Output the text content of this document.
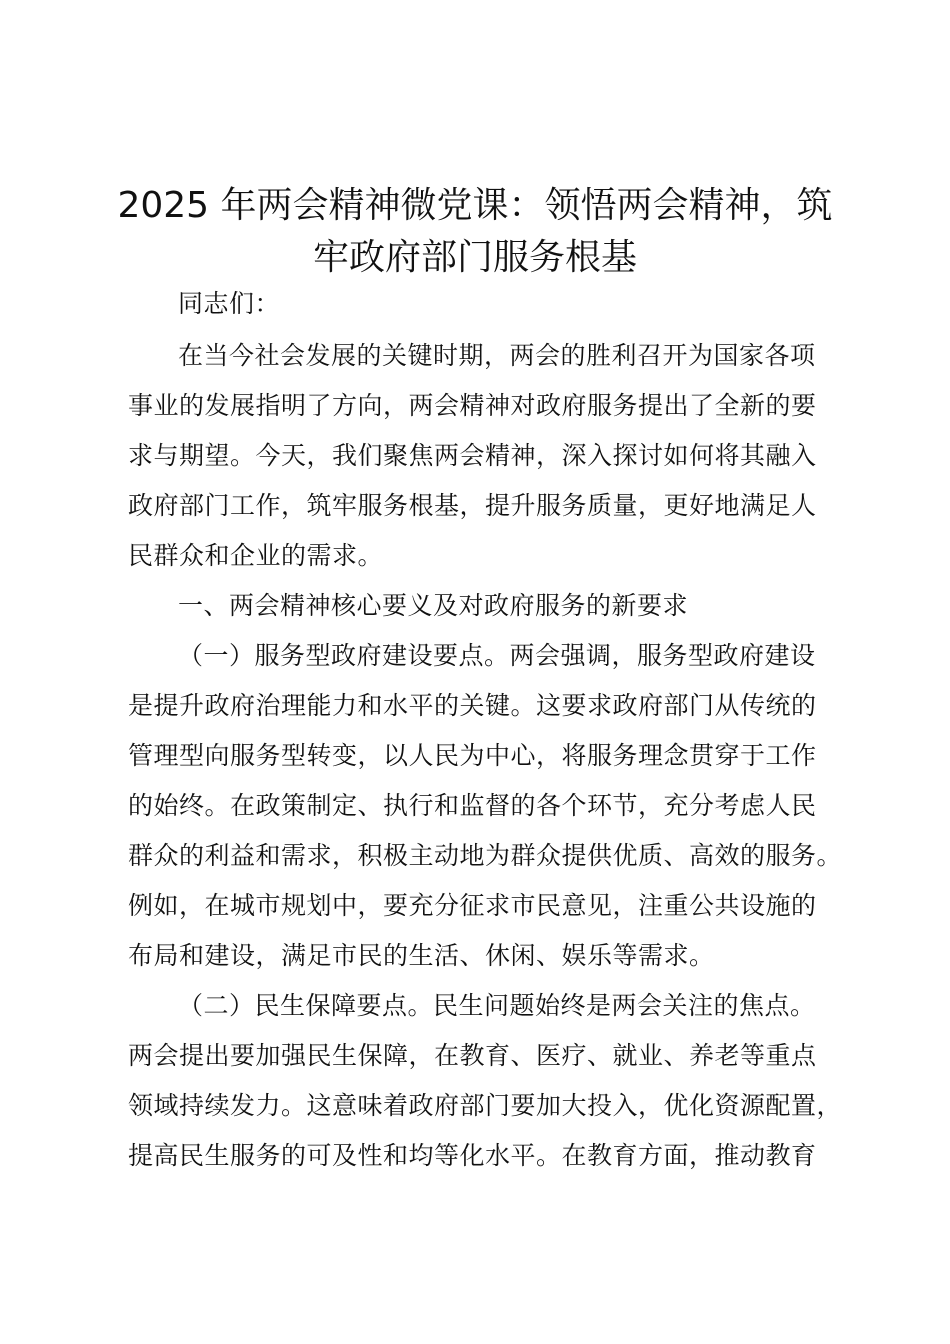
2025 年两会精神微党课：领悟两会精神，筑
牢政府部门服务根基
同志们：
在当今社会发展的关键时期，两会的胜利召开为国家各项
事业的发展指明了方向，两会精神对政府服务提出了全新的要
求与期望。今天，我们聚焦两会精神，深入探讨如何将其融入
政府部门工作，筑牢服务根基，提升服务质量，更好地满足人
民群众和企业的需求。
一、两会精神核心要义及对政府服务的新要求
（一）服务型政府建设要点。两会强调，服务型政府建设
是提升政府治理能力和水平的关键。这要求政府部门从传统的
管理型向服务型转变，以人民为中心，将服务理念贯穿于工作
的始终。在政策制定、执行和监督的各个环节，充分考虑人民
群众的利益和需求，积极主动地为群众提供优质、高效的服务。
例如，在城市规划中，要充分征求市民意见，注重公共设施的
布局和建设，满足市民的生活、休闲、娱乐等需求。
（二）民生保障要点。民生问题始终是两会关注的焦点。
两会提出要加强民生保障，在教育、医疗、就业、养老等重点
领域持续发力。这意味着政府部门要加大投入，优化资源配置，
提高民生服务的可及性和均等化水平。在教育方面，推动教育
